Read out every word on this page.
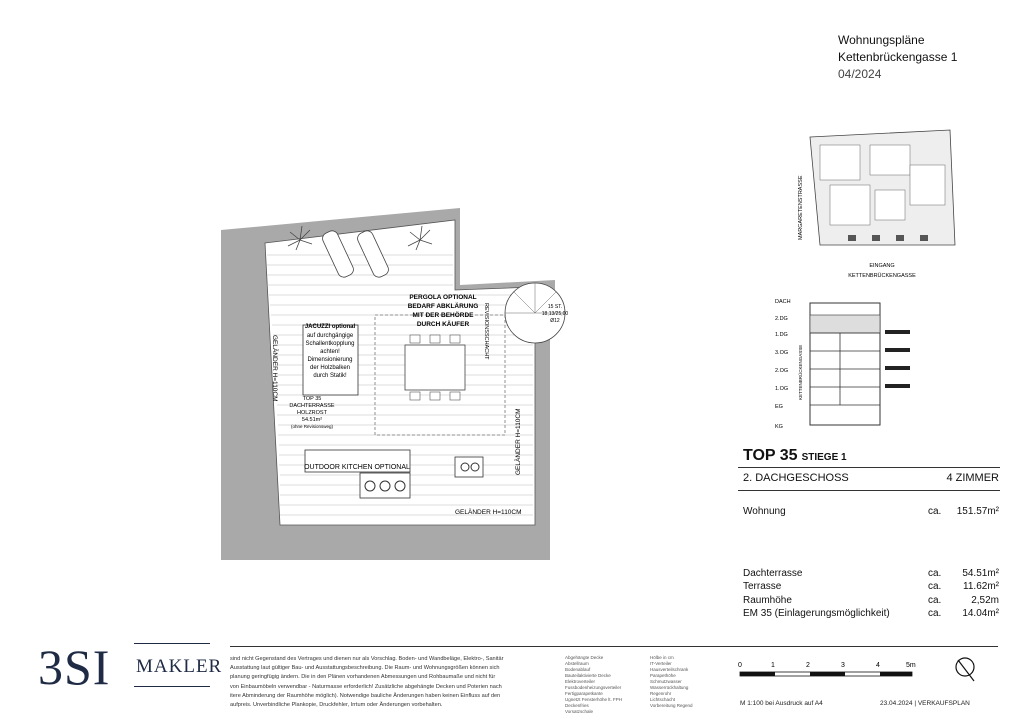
Wohnungspläne
Kettenbrückengasse 1
04/2024
GELÄNDER H=110CM
GELÄNDER H=110CM
GELÄNDER H=110CM
JACUZZI optional
auf durchgängige
Schallentkopplung
achten!
Dimensionierung
der Holzbalken
durch Statik!
PERGOLA OPTIONAL
BEDARF ABKLÄRUNG
MIT DER BEHÖRDE
DURCH KÄUFER	REVISIONSSCHACHT
TOP 35
DACHTERRASSE
HOLZROST
54.51m²
(ohne Revisionsweg)
OUTDOOR KITCHEN OPTIONAL
15 ST.
18,13/25,00
Ø12
MARGARETENSTRASSE
EINGANG
KETTENBRÜCKENGASSE
DACH
2.DG
1.DG
3.OG
2.OG
1.OG
EG
KG
KETTENBRÜCKENGASSE
TOP 35 STIEGE 1
2. DACHGESCHOSS	4 ZIMMER
Wohnung	ca. 151.57m²
Dachterrasse	ca. 54.51m²
Terrasse	ca. 11.62m²
Raumhöhe	ca.	2,52m
EM 35 (Einlagerungsmöglichkeit)	ca. 14.04m²
3SI MAKLER sind nicht Gegenstand des Vertrages und dienen nur als Vorschlag. Boden- und Wandbeläge, Elektro-, Sanitär
Ausstattung laut gültiger Bau- und Ausstattungsbeschreibung. Die Raum- und Wohnungsgrößen können sich
planung geringfügig ändern. Die in den Plänen vorhandenen Abmessungen und Rohbaumaße und nicht für
von Einbaumöbeln verwendbar - Naturmasse erforderlich! Zusätzliche abgehängte Decken und Poterien nach
itere Abminderung der Raumhöhe möglich). Notwendige bauliche Änderungen haben keinen Einfluss auf den
aufpreis. Unverbindliche Plankopie, Druckfehler, Irrtum oder Änderungen vorbehalten.
Abgehängte Decke
Abstellraum
Bodenablauf
Bauteilaktivierte Decke
Elektroverteiler
Fussbodenheizungsverteiler
Fertigparapetkante
Ugnetzt Fensterhöhe lt. FPH
Deckenfries
Vorsatzschale
Hölbe in cm
IT-Verteiler
Hausverteilschrank
Parapethöhe
Schmutzwasser
Wasserrückhaltung
Regenrohr
Lichtschacht
Vorbereitung Regend
0	1	2	3	4	5m
M 1:100 bei Ausdruck auf A4	23.04.2024 | VERKAUFSPLAN
